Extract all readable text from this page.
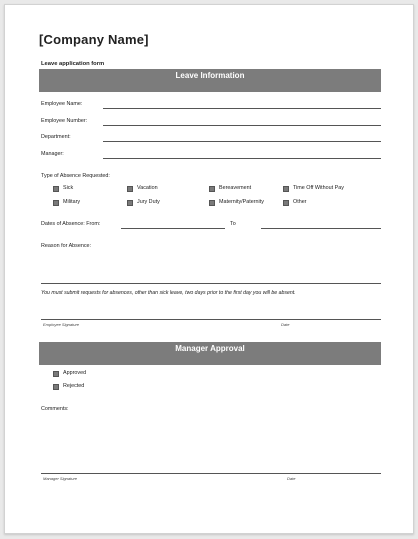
[Company Name]
Leave application form
Leave Information
Employee Name:
Employee Number:
Department:
Manager:
Type of Absence Requested:
Sick	Vacation	Bereavement	Time Off Without Pay
Military	Jury Duty	Maternity/Paternity	Other
Dates of Absence: From:	To
Reason for Absence:
You must submit requests for absences, other than sick leave, two days prior to the first day you will be absent.
Employee Signature	Date
Manager Approval
Approved
Rejected
Comments:
Manager Signature	Date
